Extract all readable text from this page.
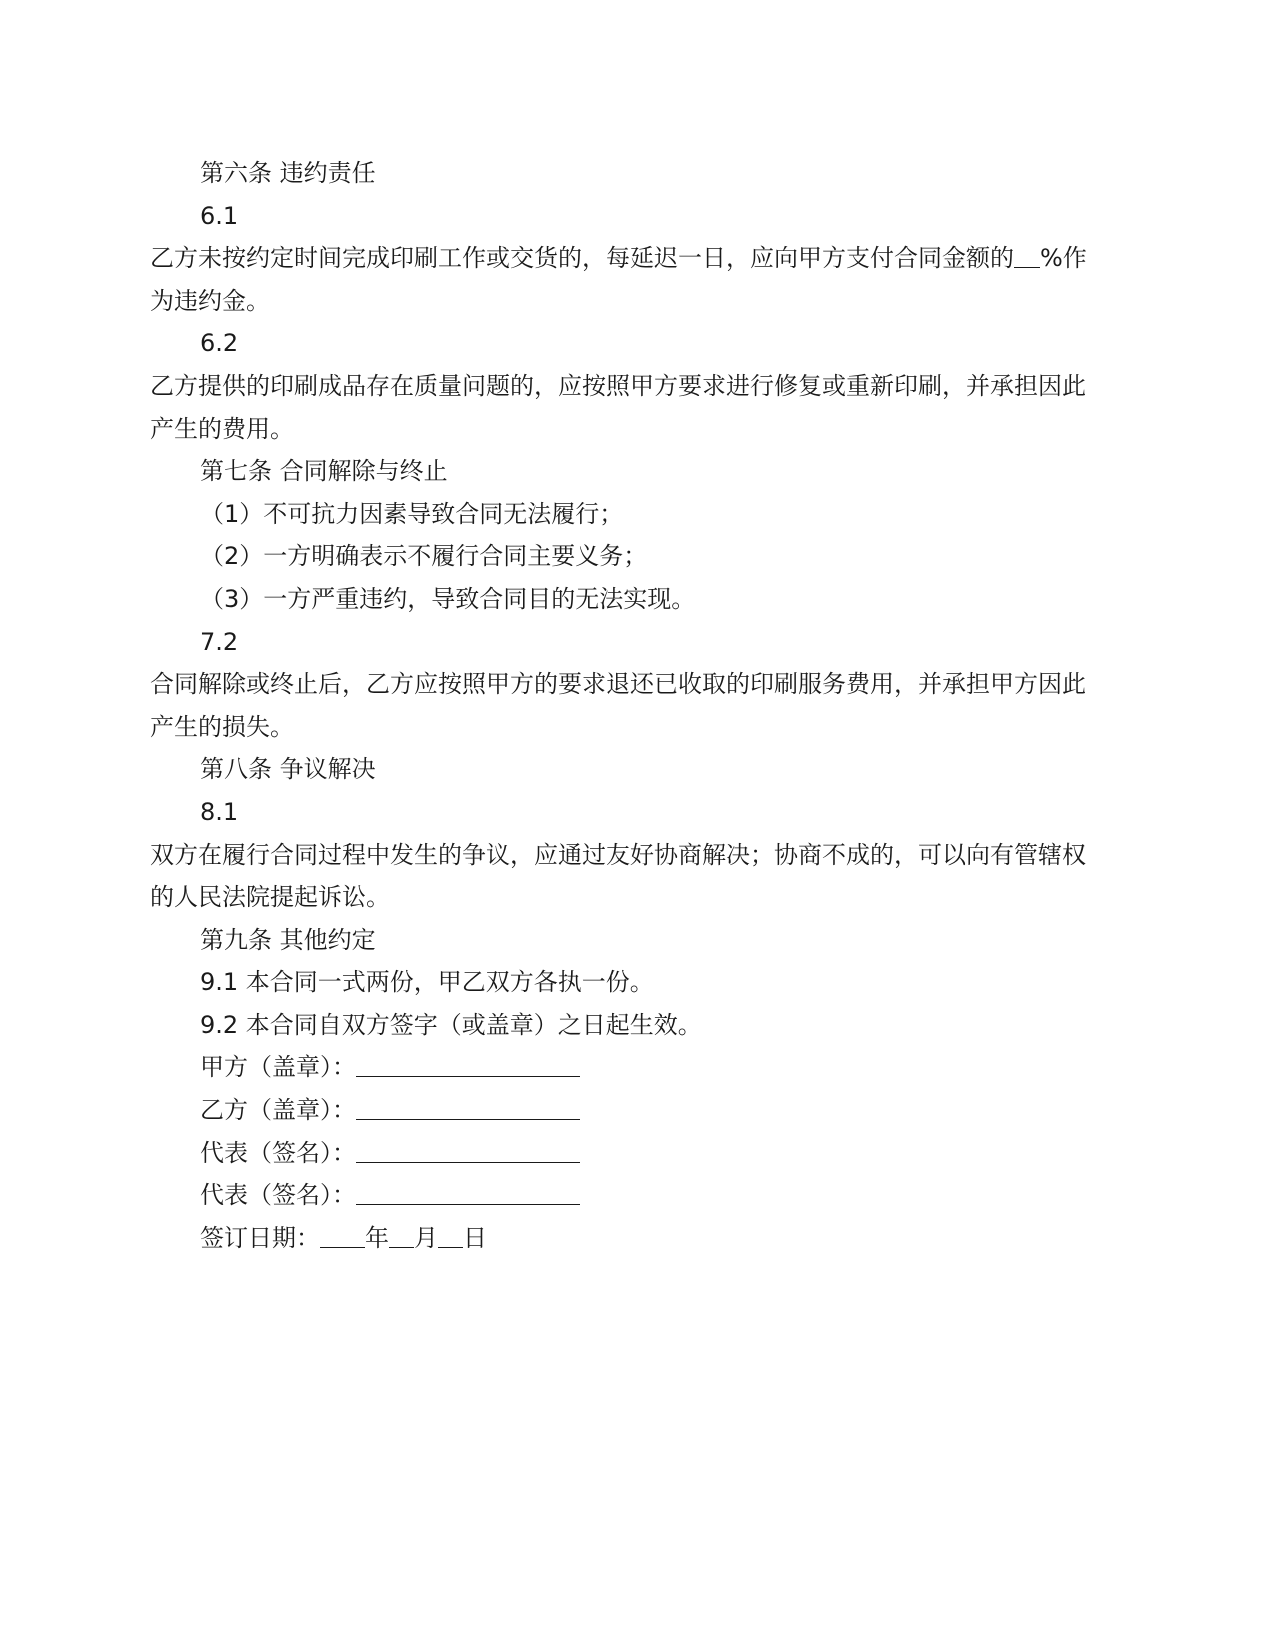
第六条 违约责任
6.1
乙方未按约定时间完成印刷工作或交货的，每延迟一日，应向甲方支付合同金额的 %作
为违约金。
6.2
乙方提供的印刷成品存在质量问题的，应按照甲方要求进行修复或重新印刷，并承担因此
产生的费用。
第七条 合同解除与终止
（1）不可抗力因素导致合同无法履行；
（2）一方明确表示不履行合同主要义务；
（3）一方严重违约，导致合同目的无法实现。
7.2
合同解除或终止后，乙方应按照甲方的要求退还已收取的印刷服务费用，并承担甲方因此
产生的损失。
第八条 争议解决
8.1
双方在履行合同过程中发生的争议，应通过友好协商解决；协商不成的，可以向有管辖权
的人民法院提起诉讼。
第九条 其他约定
9.1 本合同一式两份，甲乙双方各执一份。
9.2 本合同自双方签字（或盖章）之日起生效。
甲方（盖章）：
乙方（盖章）：
代表（签名）：
代表（签名）：
签订日期： 年 月 日
